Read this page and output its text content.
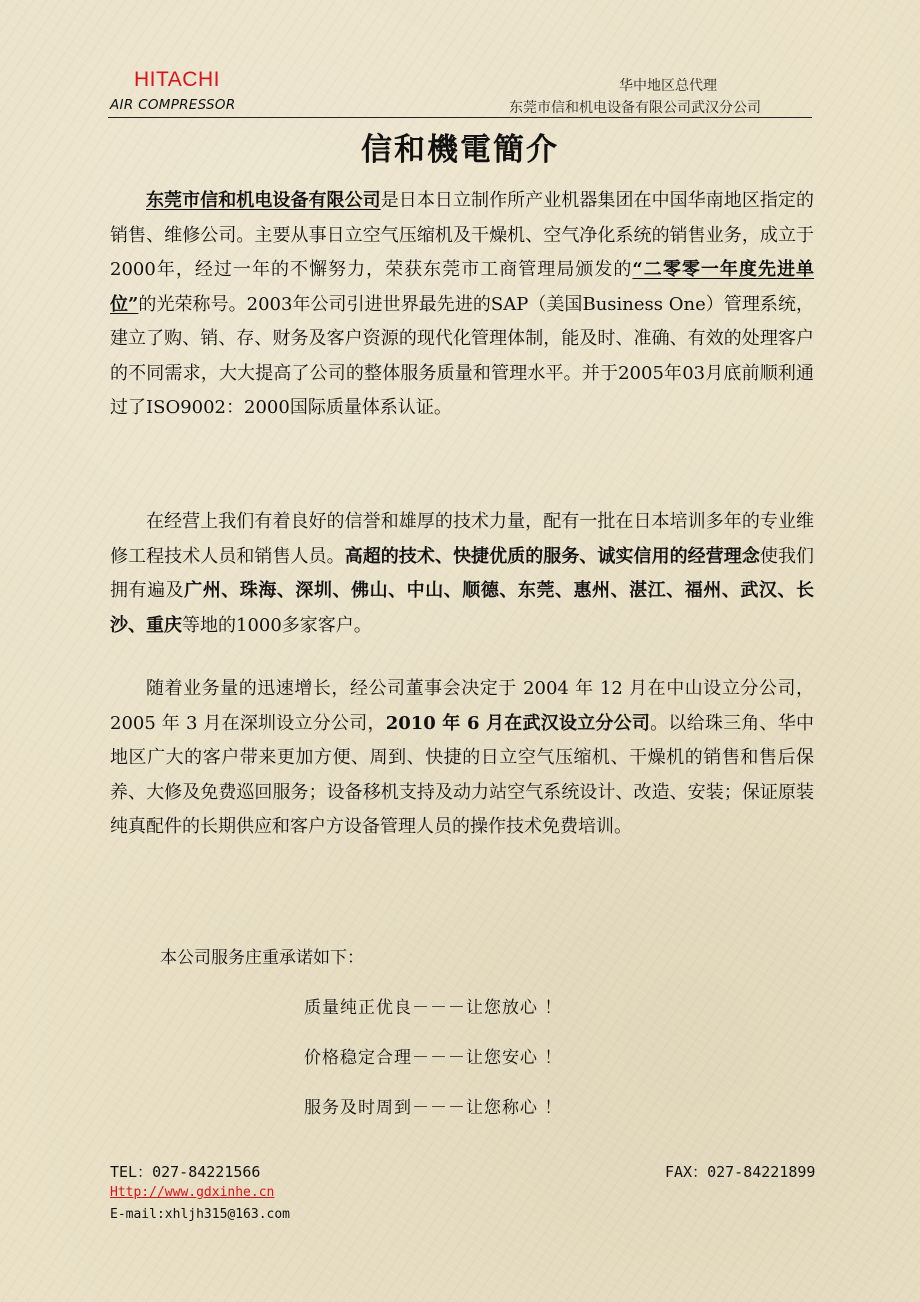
HITACHI
AIR COMPRESSOR
华中地区总代理
东莞市信和机电设备有限公司武汉分公司
信和機電簡介

东莞市信和机电设备有限公司是日本日立制作所产业机器集团在中国华南地区指定的销售、维修公司。主要从事日立空气压缩机及干燥机、空气净化系统的销售业务，成立于2000年，经过一年的不懈努力，荣获东莞市工商管理局颁发的“二零零一年度先进单位”的光荣称号。2003年公司引进世界最先进的SAP（美国Business One）管理系统，建立了购、销、存、财务及客户资源的现代化管理体制，能及时、准确、有效的处理客户的不同需求，大大提高了公司的整体服务质量和管理水平。并于2005年03月底前顺利通过了ISO9002：2000国际质量体系认证。

在经营上我们有着良好的信誉和雄厚的技术力量，配有一批在日本培训多年的专业维修工程技术人员和销售人员。高超的技术、快捷优质的服务、诚实信用的经营理念使我们拥有遍及广州、珠海、深圳、佛山、中山、顺德、东莞、惠州、湛江、福州、武汉、长沙、重庆等地的1000多家客户。

随着业务量的迅速增长，经公司董事会决定于 2004 年 12 月在中山设立分公司，2005 年 3 月在深圳设立分公司，2010 年 6 月在武汉设立分公司。以给珠三角、华中地区广大的客户带来更加方便、周到、快捷的日立空气压缩机、干燥机的销售和售后保养、大修及免费巡回服务；设备移机支持及动力站空气系统设计、改造、安装；保证原装纯真配件的长期供应和客户方设备管理人员的操作技术免费培训。

本公司服务庄重承诺如下：
质量纯正优良－－－让您放心 ！
价格稳定合理－－－让您安心 ！
服务及时周到－－－让您称心 ！
TEL：027-84221566	FAX：027-84221899
Http://www.gdxinhe.cn
E-mail:xhljh315@163.com
